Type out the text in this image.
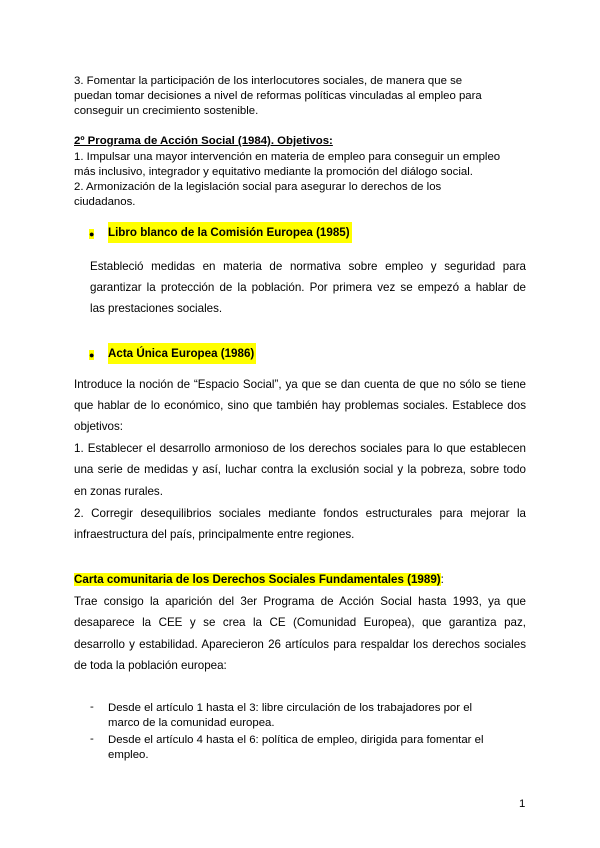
3. Fomentar la participación de los interlocutores sociales, de manera que se

puedan tomar decisiones a nivel de reformas políticas vinculadas al empleo para

conseguir un crecimiento sostenible.

2º Programa de Acción Social (1984). Objetivos:

1. Impulsar una mayor intervención en materia de empleo para conseguir un empleo

más inclusivo, integrador y equitativo mediante la promoción del diálogo social.

2. Armonización de la legislación social para asegurar lo derechos de los

ciudadanos.

● Libro blanco de la Comisión Europea (1985)

Estableció medidas en materia de normativa sobre empleo y seguridad para

garantizar la protección de la población. Por primera vez se empezó a hablar de

las prestaciones sociales.

● Acta Única Europea (1986)

Introduce la noción de “Espacio Social”, ya que se dan cuenta de que no sólo se tiene

que hablar de lo económico, sino que también hay problemas sociales. Establece dos

objetivos:

1. Establecer el desarrollo armonioso de los derechos sociales para lo que establecen

una serie de medidas y así, luchar contra la exclusión social y la pobreza, sobre todo

en zonas rurales.

2. Corregir desequilibrios sociales mediante fondos estructurales para mejorar la

infraestructura del país, principalmente entre regiones.

Carta comunitaria de los Derechos Sociales Fundamentales (1989):

Trae consigo la aparición del 3er Programa de Acción Social hasta 1993, ya que

desaparece la CEE y se crea la CE (Comunidad Europea), que garantiza paz,

desarrollo y estabilidad. Aparecieron 26 artículos para respaldar los derechos sociales

de toda la población europea:

- Desde el artículo 1 hasta el 3: libre circulación de los trabajadores por el

marco de la comunidad europea.

- Desde el artículo 4 hasta el 6: política de empleo, dirigida para fomentar el

empleo.

1
